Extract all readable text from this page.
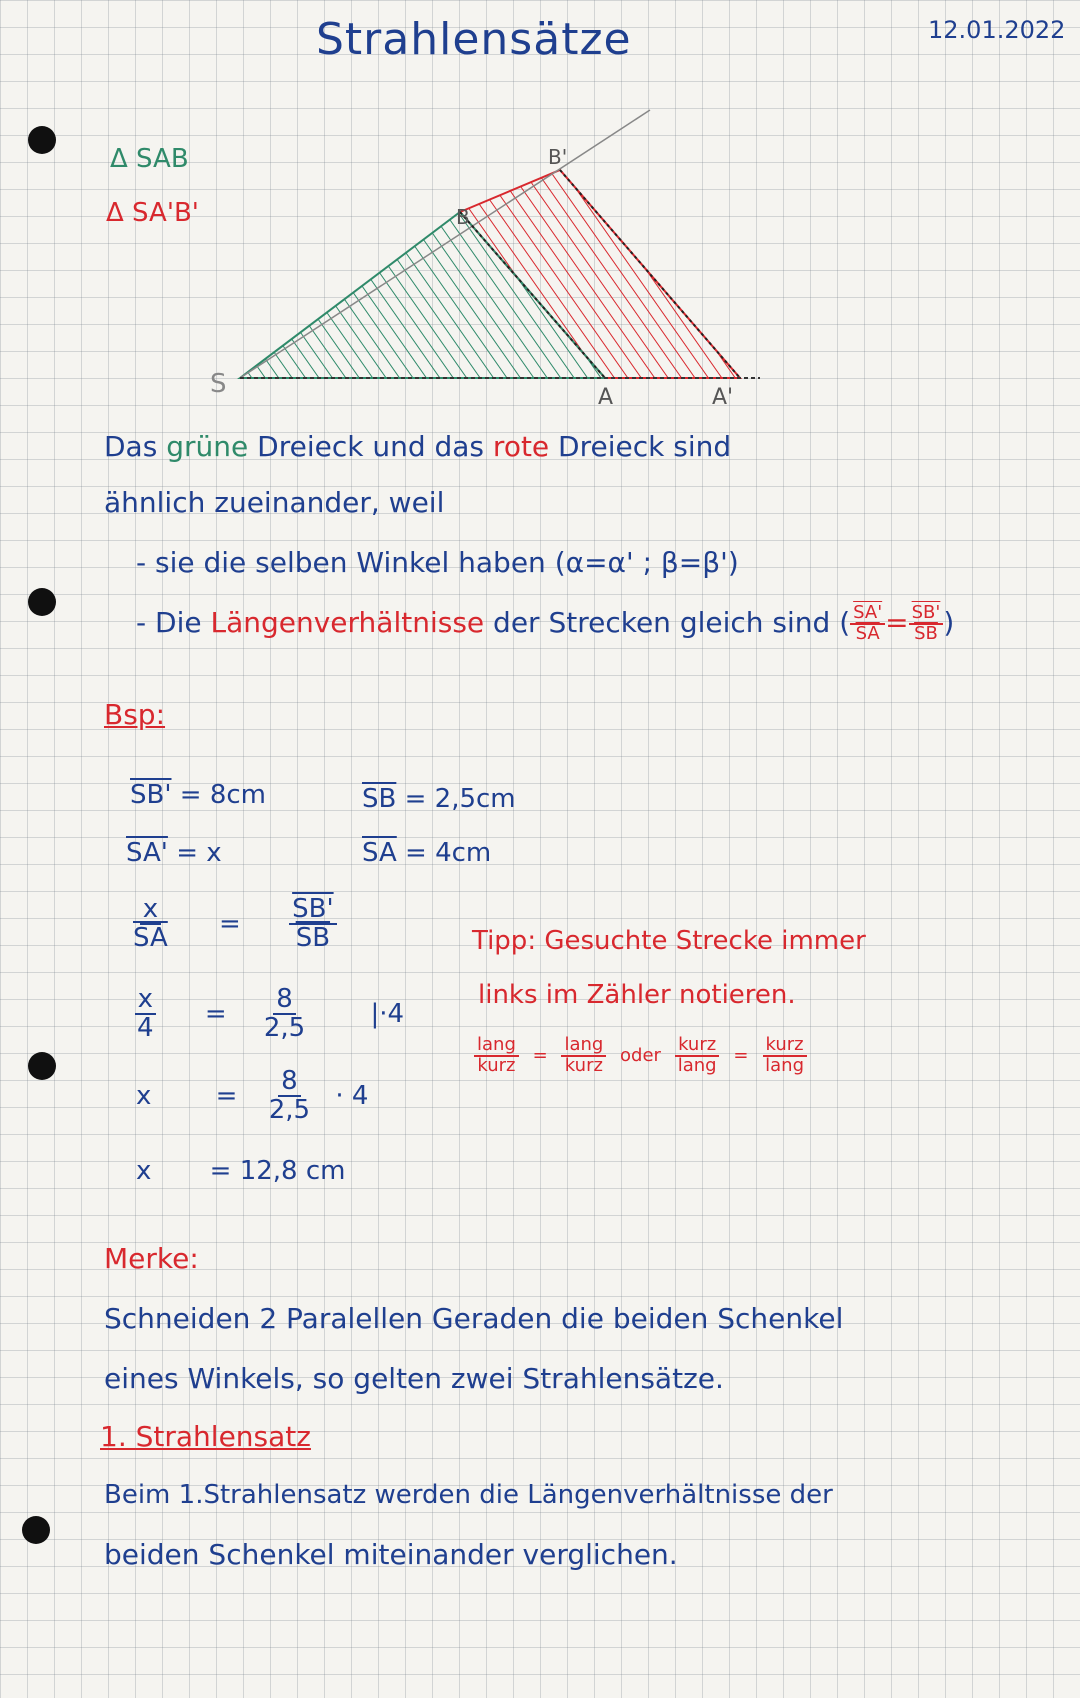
Strahlensätze	12.01.2022
Δ SAB
Δ SA'B'
S	A	A'
B
B'
Das grüne Dreieck und das rote Dreieck sind
ähnlich zueinander, weil
- sie die selben Winkel haben (α=α' ; β=β')
- Die Längenverhältnisse der Strecken gleich sind ( $\frac{SA'}{SA} = \frac{SB'}{SB}$ )
Bsp:
SB' = 8cm
SA' = x
$\overline{SB} = 2,5cm$
$\overline{SA} = 4cm$
$\frac{x}{SA} = \frac{SB'}{SB}$
$\frac{x}{4} = \frac{8}{2,5} |\cdot 4$
$x = \frac{8}{2,5} \cdot 4$
x = 12,8 cm
Tipp: Gesuchte Strecke immer
links im Zähler notieren.
$\frac{\text{lang}}{\text{kurz}} = \frac{\text{lang}}{\text{kurz}}$ oder $\frac{\text{kurz}}{\text{lang}} = \frac{\text{kurz}}{\text{lang}}$
Merke:
Schneiden 2 Paralellen Geraden die beiden Schenkel
eines Winkels, so gelten zwei Strahlensätze.
1. Strahlensatz
Beim 1.Strahlensatz werden die Längenverhältnisse der
beiden Schenkel miteinander verglichen.
